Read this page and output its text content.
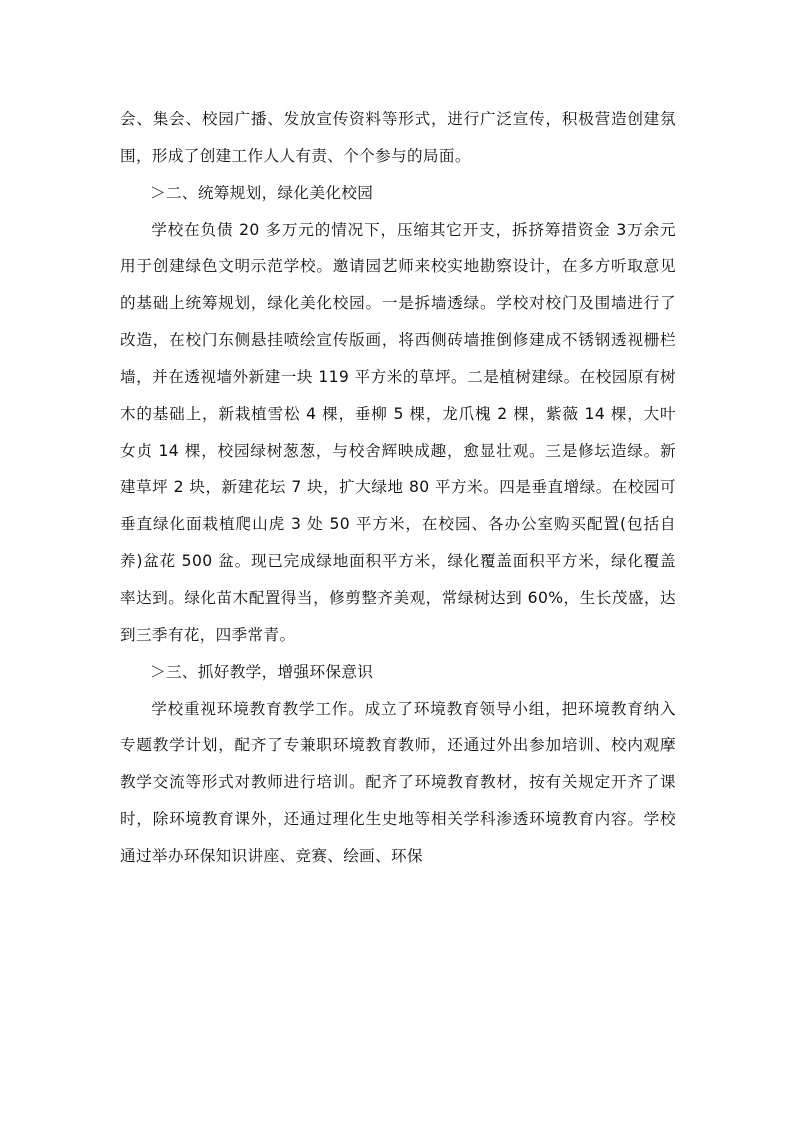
会、集会、校园广播、发放宣传资料等形式，进行广泛宣传，积极营造创建氛围，形成了创建工作人人有责、个个参与的局面。

＞二、统筹规划，绿化美化校园

学校在负债 20 多万元的情况下，压缩其它开支，拆挤筹措资金 3万余元用于创建绿色文明示范学校。邀请园艺师来校实地勘察设计，在多方听取意见的基础上统筹规划，绿化美化校园。一是拆墙透绿。学校对校门及围墙进行了改造，在校门东侧悬挂喷绘宣传版画，将西侧砖墙推倒修建成不锈钢透视栅栏墙，并在透视墙外新建一块 119 平方米的草坪。二是植树建绿。在校园原有树木的基础上，新栽植雪松 4 棵，垂柳 5 棵，龙爪槐 2 棵，紫薇 14 棵，大叶女贞 14 棵，校园绿树葱葱，与校舍辉映成趣，愈显壮观。三是修坛造绿。新建草坪 2 块，新建花坛 7 块，扩大绿地 80 平方米。四是垂直增绿。在校园可垂直绿化面栽植爬山虎 3 处 50 平方米，在校园、各办公室购买配置(包括自养)盆花 500 盆。现已完成绿地面积平方米，绿化覆盖面积平方米，绿化覆盖率达到。绿化苗木配置得当，修剪整齐美观，常绿树达到 60%，生长茂盛，达到三季有花，四季常青。

＞三、抓好教学，增强环保意识

学校重视环境教育教学工作。成立了环境教育领导小组，把环境教育纳入专题教学计划，配齐了专兼职环境教育教师，还通过外出参加培训、校内观摩教学交流等形式对教师进行培训。配齐了环境教育教材，按有关规定开齐了课时，除环境教育课外，还通过理化生史地等相关学科渗透环境教育内容。学校通过举办环保知识讲座、竞赛、绘画、环保
